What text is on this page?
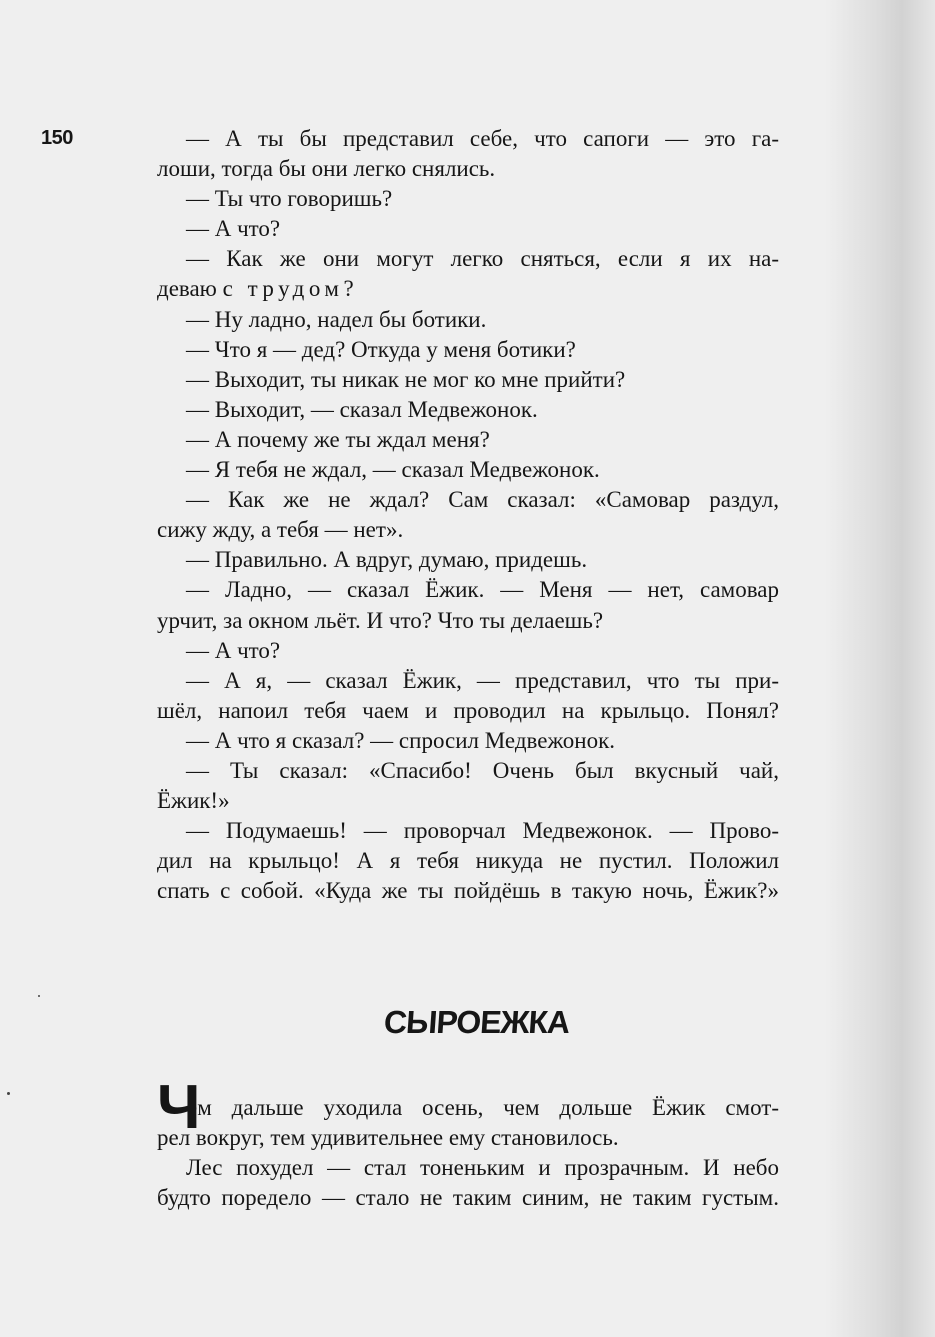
150	— А ты бы представил себе, что сапоги — это га-
лоши, тогда бы они легко снялись.
— Ты что говоришь?
— А что?
— Как же они могут легко сняться, если я их на-
деваю с трудом?
— Ну ладно, надел бы ботики.
— Что я — дед? Откуда у меня ботики?
— Выходит, ты никак не мог ко мне прийти?
— Выходит, — сказал Медвежонок.
— А почему же ты ждал меня?
— Я тебя не ждал, — сказал Медвежонок.
— Как же не ждал? Сам сказал: «Самовар раздул,
сижу жду, а тебя — нет».
— Правильно. А вдруг, думаю, придешь.
— Ладно, — сказал Ёжик. — Меня — нет, самовар
урчит, за окном льёт. И что? Что ты делаешь?
— А что?
— А я, — сказал Ёжик, — представил, что ты при-
шёл, напоил тебя чаем и проводил на крыльцо. Понял?
— А что я сказал? — спросил Медвежонок.
— Ты сказал: «Спасибо! Очень был вкусный чай,
Ёжик!»
— Подумаешь! — проворчал Медвежонок. — Прово-
дил на крыльцо! А я тебя никуда не пустил. Положил
спать с собой. «Куда же ты пойдёшь в такую ночь, Ёжик?»
СЫРОЕЖКА
Ч
ем дальше уходила осень, чем дольше Ёжик смот-
рел вокруг, тем удивительнее ему становилось.
Лес похудел — стал тоненьким и прозрачным. И небо
будто поредело — стало не таким синим, не таким густым.
